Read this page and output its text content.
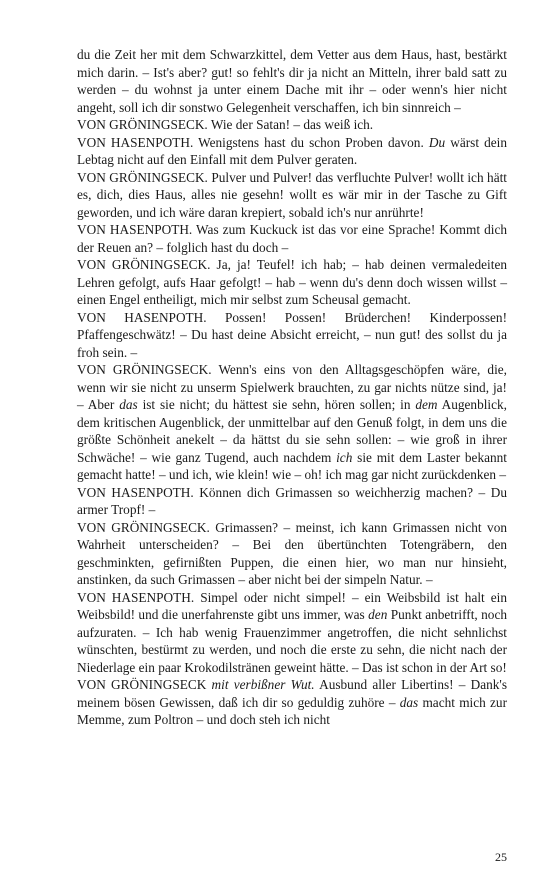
du die Zeit her mit dem Schwarzkittel, dem Vetter aus dem Haus, hast, bestärkt mich darin. – Ist's aber? gut! so fehlt's dir ja nicht an Mitteln, ihrer bald satt zu werden – du wohnst ja unter einem Dache mit ihr – oder wenn's hier nicht angeht, soll ich dir sonstwo Gelegenheit verschaffen, ich bin sinnreich –

VON GRÖNINGSECK. Wie der Satan! – das weiß ich.

VON HASENPOTH. Wenigstens hast du schon Proben davon. Du wärst dein Lebtag nicht auf den Einfall mit dem Pulver geraten.

VON GRÖNINGSECK. Pulver und Pulver! das verfluchte Pulver! wollt ich hätt es, dich, dies Haus, alles nie gesehn! wollt es wär mir in der Tasche zu Gift geworden, und ich wäre daran krepiert, sobald ich's nur anrührte!

VON HASENPOTH. Was zum Kuckuck ist das vor eine Sprache! Kommt dich der Reuen an? – folglich hast du doch –

VON GRÖNINGSECK. Ja, ja! Teufel! ich hab; – hab deinen vermaledeiten Lehren gefolgt, aufs Haar gefolgt! – hab – wenn du's denn doch wissen willst – einen Engel entheiligt, mich mir selbst zum Scheusal gemacht.

VON HASENPOTH. Possen! Possen! Brüderchen! Kinderpossen! Pfaffengeschwätz! – Du hast deine Absicht erreicht, – nun gut! des sollst du ja froh sein. –

VON GRÖNINGSECK. Wenn's eins von den Alltagsgeschöpfen wäre, die, wenn wir sie nicht zu unserm Spielwerk brauchten, zu gar nichts nütze sind, ja! – Aber das ist sie nicht; du hättest sie sehn, hören sollen; in dem Augenblick, dem kritischen Augenblick, der unmittelbar auf den Genuß folgt, in dem uns die größte Schönheit anekelt – da hättst du sie sehn sollen: – wie groß in ihrer Schwäche! – wie ganz Tugend, auch nachdem ich sie mit dem Laster bekannt gemacht hatte! – und ich, wie klein! wie – oh! ich mag gar nicht zurückdenken –

VON HASENPOTH. Können dich Grimassen so weichherzig machen? – Du armer Tropf! –

VON GRÖNINGSECK. Grimassen? – meinst, ich kann Grimassen nicht von Wahrheit unterscheiden? – Bei den übertünchten Totengräbern, den geschminkten, gefirnißten Puppen, die einen hier, wo man nur hinsieht, anstinken, da such Grimassen – aber nicht bei der simpeln Natur. –

VON HASENPOTH. Simpel oder nicht simpel! – ein Weibsbild ist halt ein Weibsbild! und die unerfahrenste gibt uns immer, was den Punkt anbetrifft, noch aufzuraten. – Ich hab wenig Frauenzimmer angetroffen, die nicht sehnlichst wünschten, bestürmt zu werden, und noch die erste zu sehn, die nicht nach der Niederlage ein paar Krokodilstränen geweint hätte. – Das ist schon in der Art so!

VON GRÖNINGSECK mit verbißner Wut. Ausbund aller Libertins! – Dank's meinem bösen Gewissen, daß ich dir so geduldig zuhöre – das macht mich zur Memme, zum Poltron – und doch steh ich nicht

25
